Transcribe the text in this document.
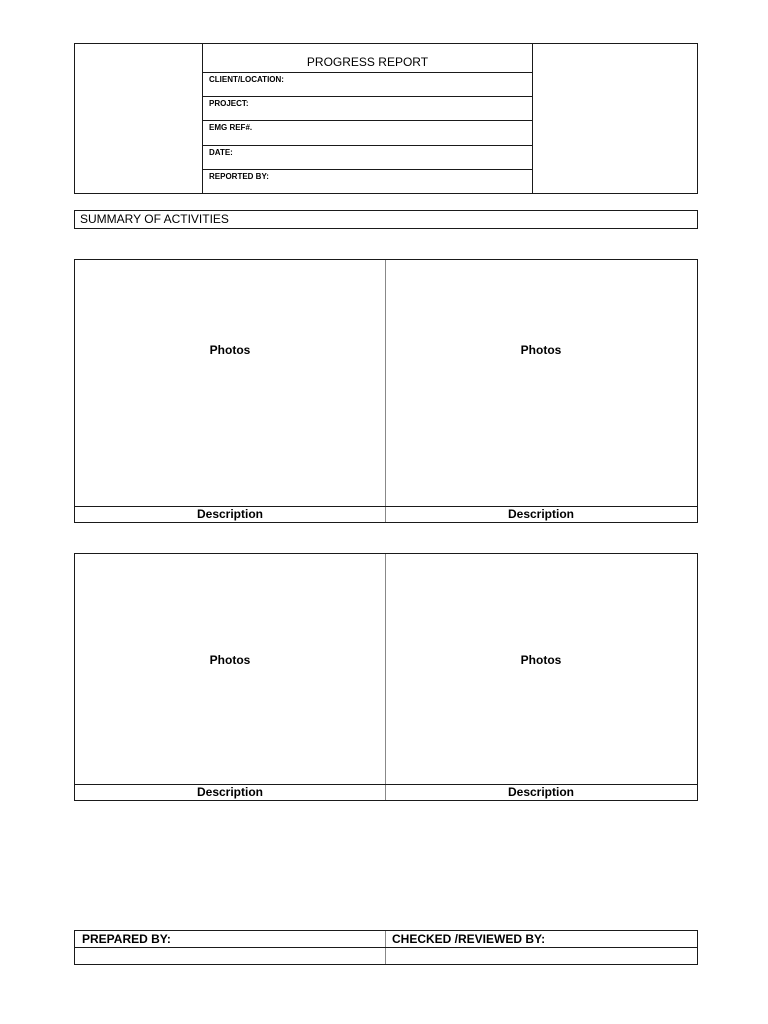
PROGRESS REPORT
CLIENT/LOCATION:
PROJECT:
EMG REF#.
DATE:
REPORTED BY:
SUMMARY OF ACTIVITIES
Photos	Photos
Description	Description
Photos	Photos
Description	Description
PREPARED BY:	CHECKED /REVIEWED BY:
